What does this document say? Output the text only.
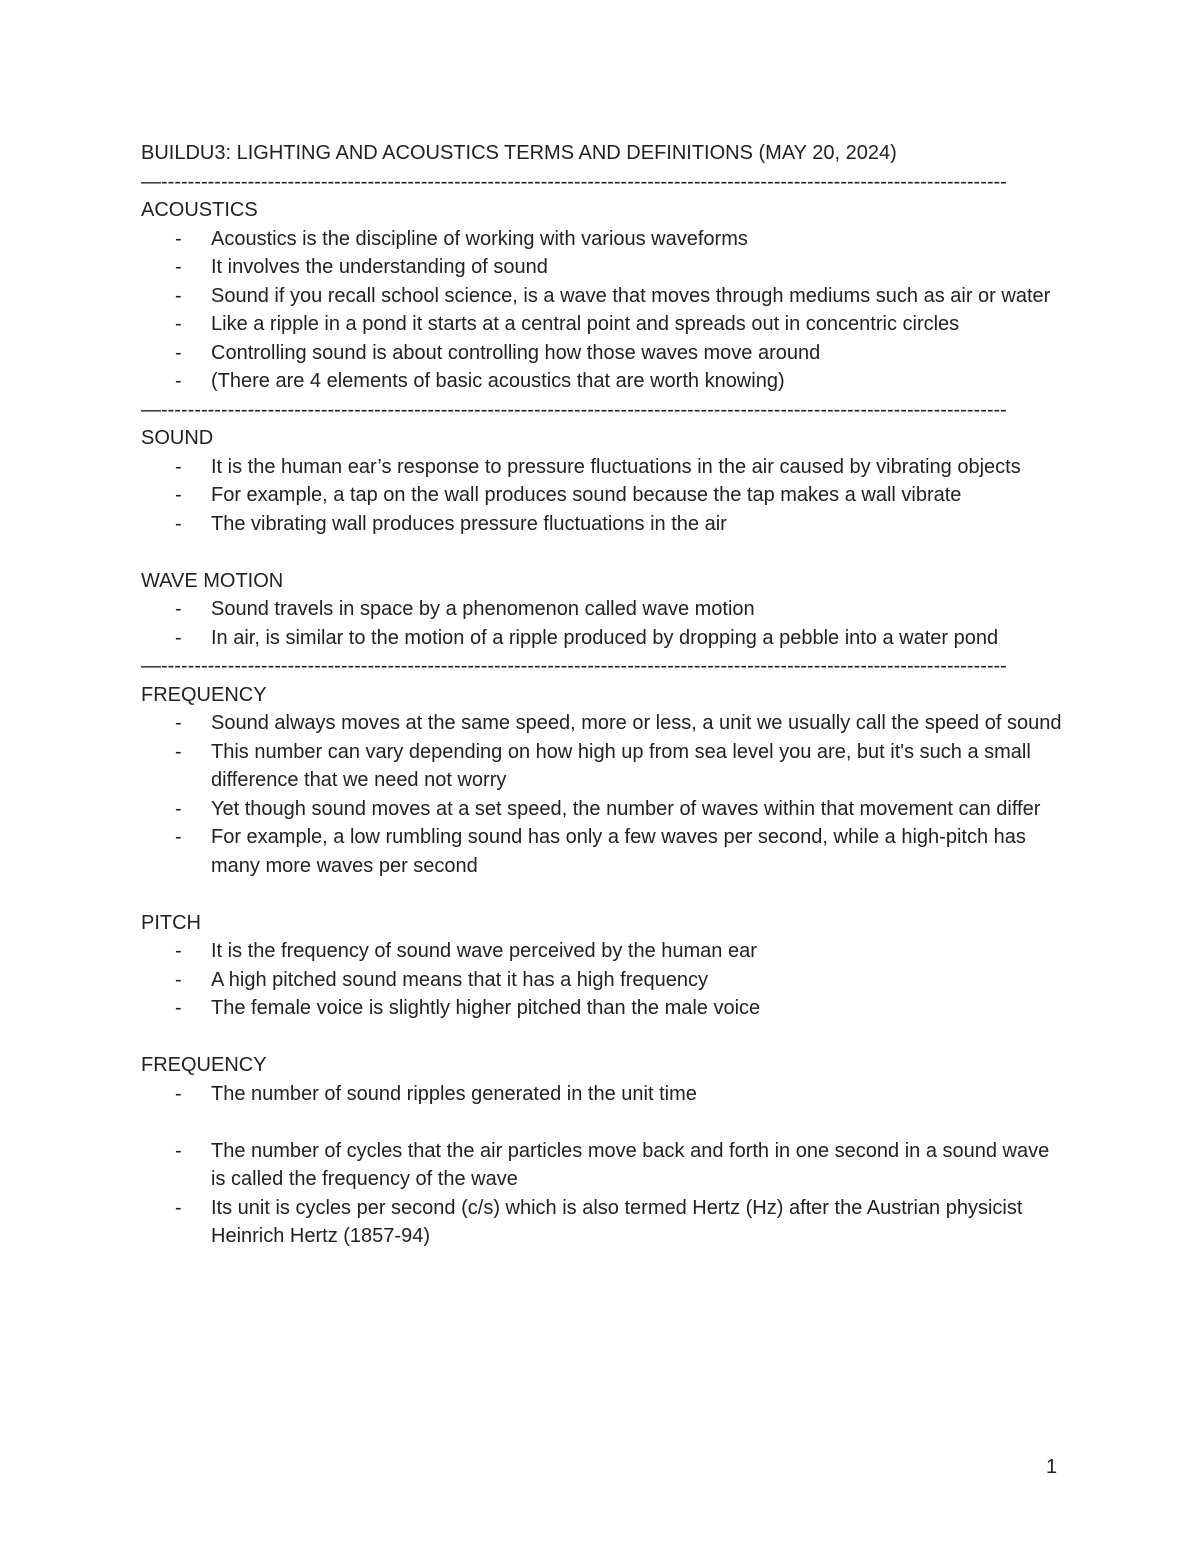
BUILDU3: LIGHTING AND ACOUSTICS TERMS AND DEFINITIONS (MAY 20, 2024)
—-------------------------------------------------------------------------------------------------------------------------------
ACOUSTICS
- Acoustics is the discipline of working with various waveforms
- It involves the understanding of sound
- Sound if you recall school science, is a wave that moves through mediums such as air or water
- Like a ripple in a pond it starts at a central point and spreads out in concentric circles
- Controlling sound is about controlling how those waves move around
- (There are 4 elements of basic acoustics that are worth knowing)
—-------------------------------------------------------------------------------------------------------------------------------
SOUND
- It is the human ear’s response to pressure fluctuations in the air caused by vibrating objects
- For example, a tap on the wall produces sound because the tap makes a wall vibrate
- The vibrating wall produces pressure fluctuations in the air
WAVE MOTION
- Sound travels in space by a phenomenon called wave motion
- In air, is similar to the motion of a ripple produced by dropping a pebble into a water pond
—-------------------------------------------------------------------------------------------------------------------------------
FREQUENCY
- Sound always moves at the same speed, more or less, a unit we usually call the speed of sound
- This number can vary depending on how high up from sea level you are, but it's such a small difference that we need not worry
- Yet though sound moves at a set speed, the number of waves within that movement can differ
- For example, a low rumbling sound has only a few waves per second, while a high-pitch has many more waves per second
PITCH
- It is the frequency of sound wave perceived by the human ear
- A high pitched sound means that it has a high frequency
- The female voice is slightly higher pitched than the male voice
FREQUENCY
- The number of sound ripples generated in the unit time
- The number of cycles that the air particles move back and forth in one second in a sound wave is called the frequency of the wave
- Its unit is cycles per second (c/s) which is also termed Hertz (Hz) after the Austrian physicist Heinrich Hertz (1857-94)
1
